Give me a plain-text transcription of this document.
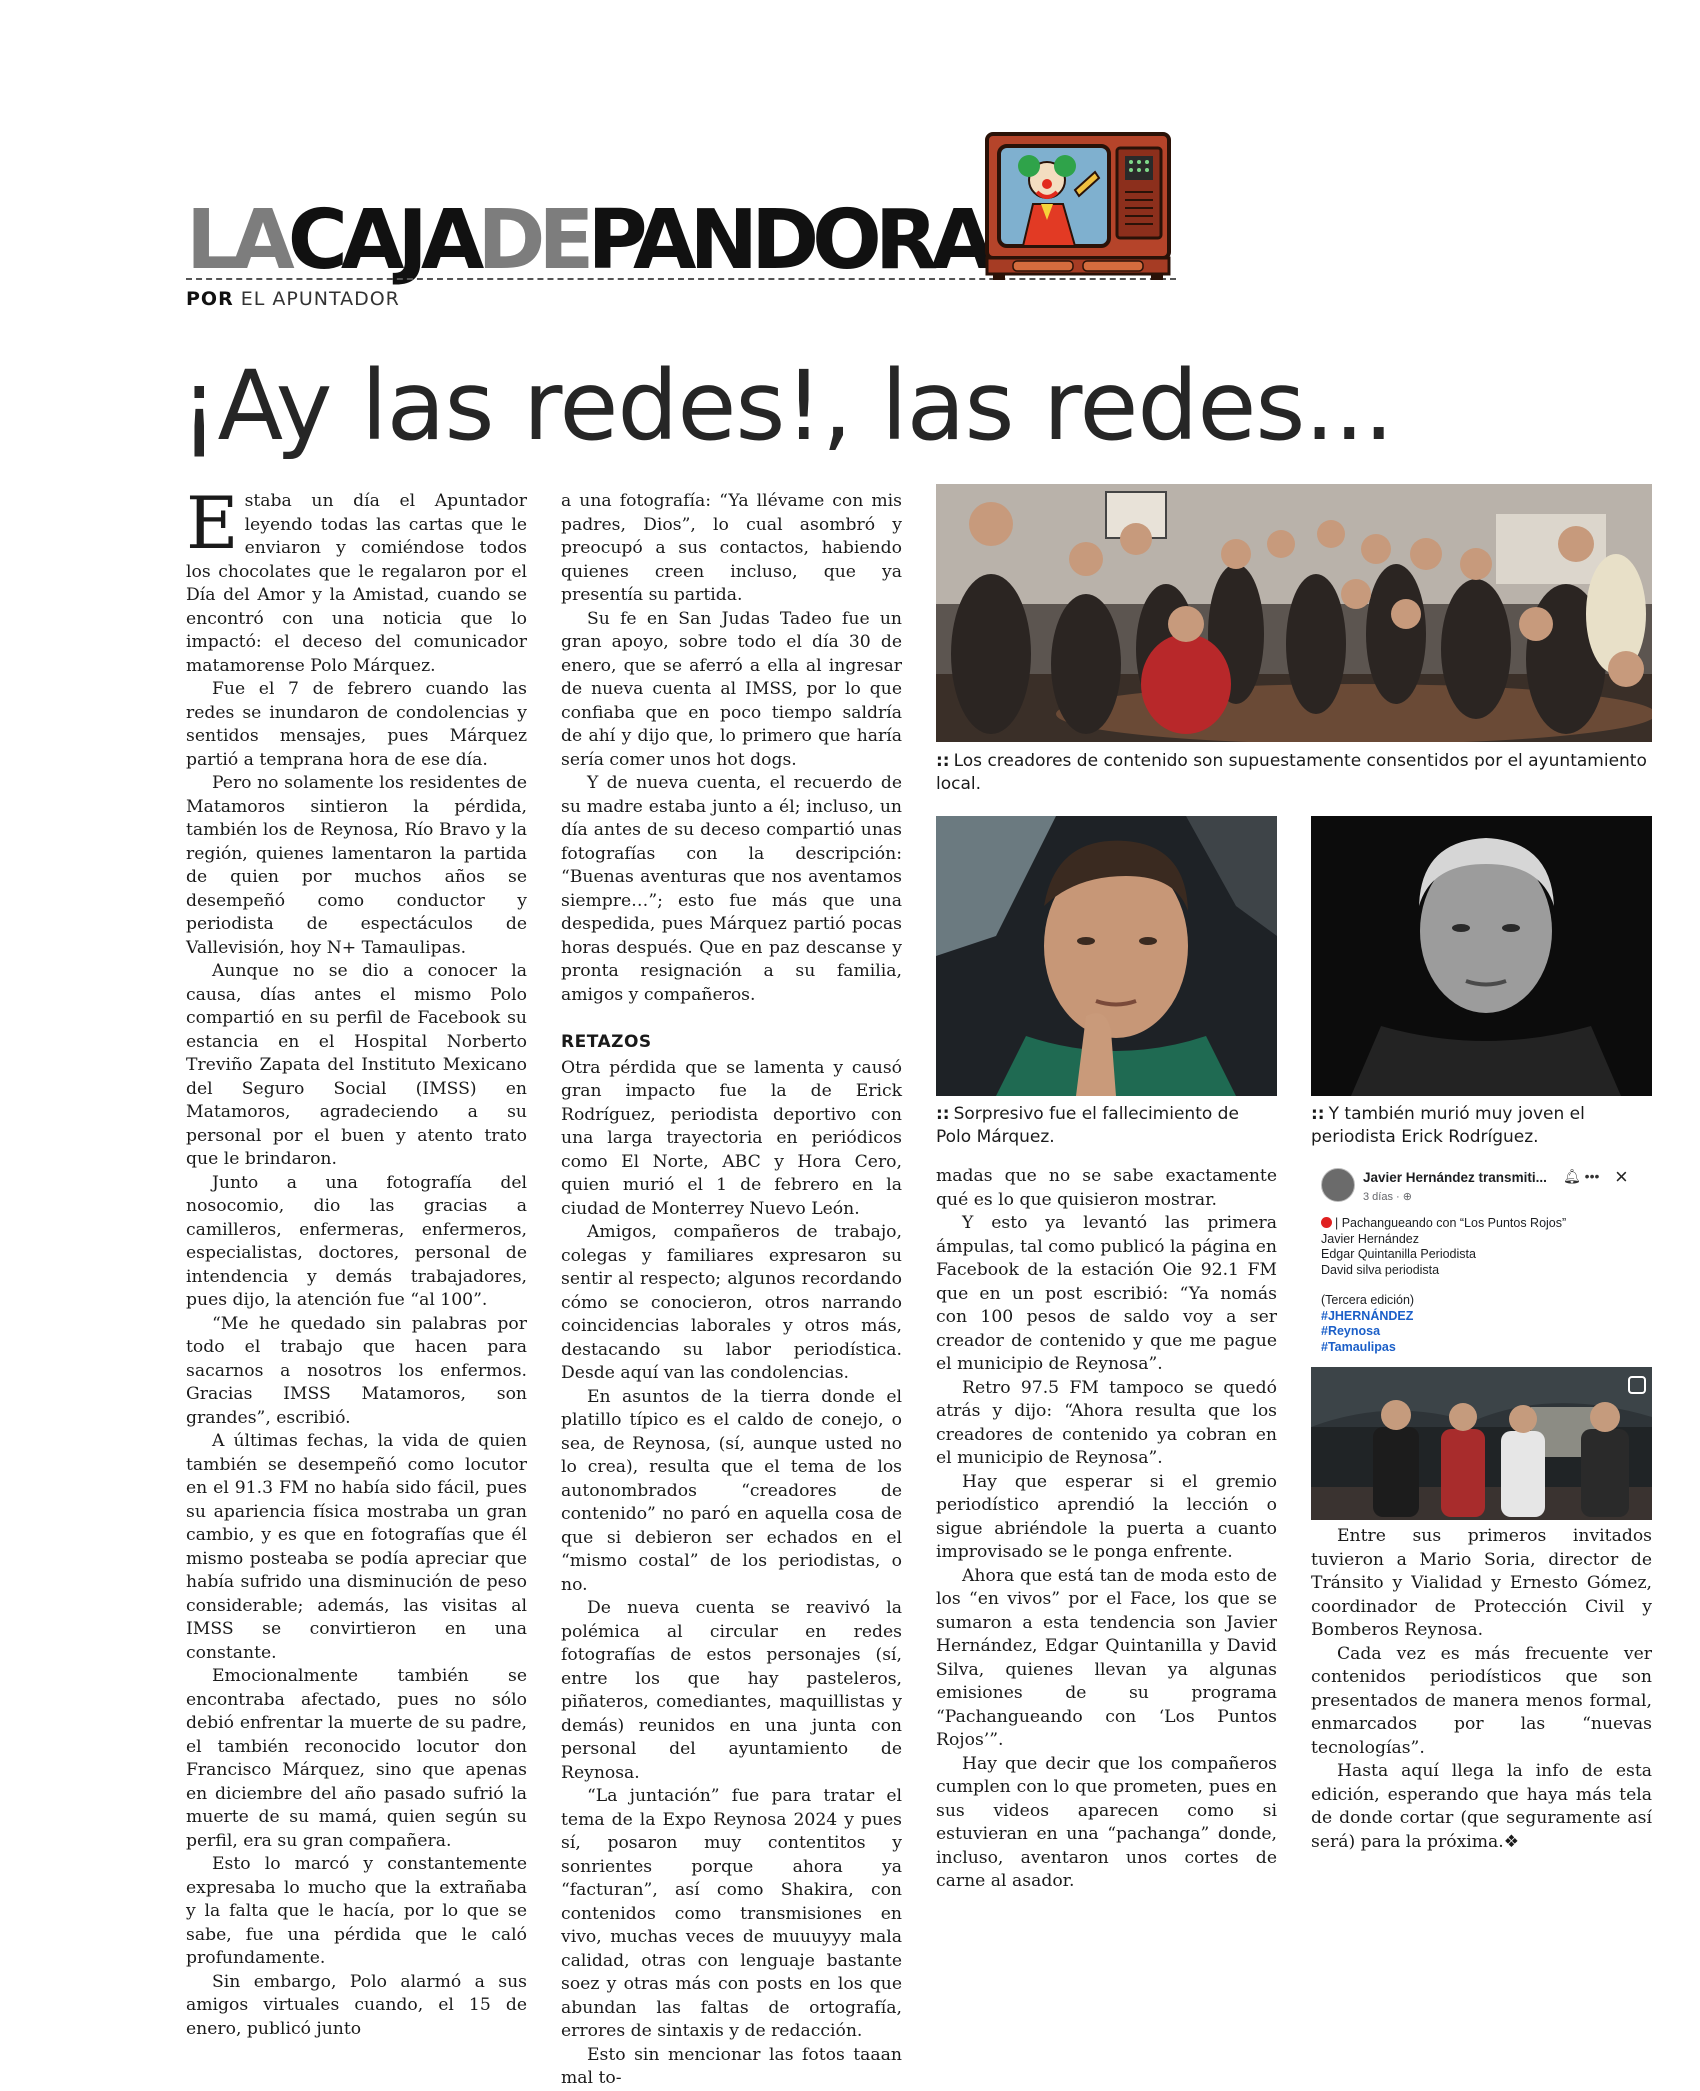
LACAJADEPANDORA
POR EL APUNTADOR
¡Ay las redes!, las redes...

Estaba un día el Apuntador leyendo todas las cartas que le enviaron y comiéndose todos los chocolates que le regalaron por el Día del Amor y la Amistad, cuando se encontró con una noticia que lo impactó: el deceso del comunicador matamorense Polo Márquez.

Fue el 7 de febrero cuando las redes se inundaron de condolencias y sentidos mensajes, pues Márquez partió a temprana hora de ese día.

Pero no solamente los residentes de Matamoros sintieron la pérdida, también los de Reynosa, Río Bravo y la región, quienes lamentaron la partida de quien por muchos años se desempeñó como conductor y periodista de espectáculos de Vallevisión, hoy N+ Tamaulipas.

Aunque no se dio a conocer la causa, días antes el mismo Polo compartió en su perfil de Facebook su estancia en el Hospital Norberto Treviño Zapata del Instituto Mexicano del Seguro Social (IMSS) en Matamoros, agradeciendo a su personal por el buen y atento trato que le brindaron.

Junto a una fotografía del nosocomio, dio las gracias a camilleros, enfermeras, enfermeros, especialistas, doctores, personal de intendencia y demás trabajadores, pues dijo, la atención fue “al 100”.

“Me he quedado sin palabras por todo el trabajo que hacen para sacarnos a nosotros los enfermos. Gracias IMSS Matamoros, son grandes”, escribió.

A últimas fechas, la vida de quien también se desempeñó como locutor en el 91.3 FM no había sido fácil, pues su apariencia física mostraba un gran cambio, y es que en fotografías que él mismo posteaba se podía apreciar que había sufrido una disminución de peso considerable; además, las visitas al IMSS se convirtieron en una constante.

Emocionalmente también se encontraba afectado, pues no sólo debió enfrentar la muerte de su padre, el también reconocido locutor don Francisco Márquez, sino que apenas en diciembre del año pasado sufrió la muerte de su mamá, quien según su perfil, era su gran compañera.

Esto lo marcó y constantemente expresaba lo mucho que la extrañaba y la falta que le hacía, por lo que se sabe, fue una pérdida que le caló profundamente.

Sin embargo, Polo alarmó a sus amigos virtuales cuando, el 15 de enero, publicó junto

a una fotografía: “Ya llévame con mis padres, Dios”, lo cual asombró y preocupó a sus contactos, habiendo quienes creen incluso, que ya presentía su partida.

Su fe en San Judas Tadeo fue un gran apoyo, sobre todo el día 30 de enero, que se aferró a ella al ingresar de nueva cuenta al IMSS, por lo que confiaba que en poco tiempo saldría de ahí y dijo que, lo primero que haría sería comer unos hot dogs.

Y de nueva cuenta, el recuerdo de su madre estaba junto a él; incluso, un día antes de su deceso compartió unas fotografías con la descripción: “Buenas aventuras que nos aventamos siempre…”; esto fue más que una despedida, pues Márquez partió pocas horas después. Que en paz descanse y pronta resignación a su familia, amigos y compañeros.

RETAZOS

Otra pérdida que se lamenta y causó gran impacto fue la de Erick Rodríguez, periodista deportivo con una larga trayectoria en periódicos como El Norte, ABC y Hora Cero, quien murió el 1 de febrero en la ciudad de Monterrey Nuevo León.

Amigos, compañeros de trabajo, colegas y familiares expresaron su sentir al respecto; algunos recordando cómo se conocieron, otros narrando coincidencias laborales y otros más, destacando su labor periodística. Desde aquí van las condolencias.

En asuntos de la tierra donde el platillo típico es el caldo de conejo, o sea, de Reynosa, (sí, aunque usted no lo crea), resulta que el tema de los autonombrados “creadores de contenido” no paró en aquella cosa de que si debieron ser echados en el “mismo costal” de los periodistas, o no.

De nueva cuenta se reavivó la polémica al circular en redes fotografías de estos personajes (sí, entre los que hay pasteleros, piñateros, comediantes, maquillistas y demás) reunidos en una junta con personal del ayuntamiento de Reynosa.

“La juntación” fue para tratar el tema de la Expo Reynosa 2024 y pues sí, posaron muy contentitos y sonrientes porque ahora ya “facturan”, así como Shakira, con contenidos como transmisiones en vivo, muchas veces de muuuyyy mala calidad, otras con lenguaje bastante soez y otras más con posts en los que abundan las faltas de ortografía, errores de sintaxis y de redacción.

Esto sin mencionar las fotos taaan mal to-

:: Los creadores de contenido son supuestamente consentidos por el ayuntamiento local.
:: Sorpresivo fue el fallecimiento de Polo Márquez.
:: Y también murió muy joven el periodista Erick Rodríguez.
Javier Hernández transmiti...
3 días · ⊕
🔔︎ ••• ×
| Pachangueando con “Los Puntos Rojos”
Javier Hernández
Edgar Quintanilla Periodista
David silva periodista
(Tercera edición)
#JHERNÁNDEZ
#Reynosa
#Tamaulipas

madas que no se sabe exactamente qué es lo que quisieron mostrar.

Y esto ya levantó las primera ámpulas, tal como publicó la página en Facebook de la estación Oie 92.1 FM que en un post escribió: “Ya nomás con 100 pesos de saldo voy a ser creador de contenido y que me pague el municipio de Reynosa”.

Retro 97.5 FM tampoco se quedó atrás y dijo: “Ahora resulta que los creadores de contenido ya cobran en el municipio de Reynosa”.

Hay que esperar si el gremio periodístico aprendió la lección o sigue abriéndole la puerta a cuanto improvisado se le ponga enfrente.

Ahora que está tan de moda esto de los “en vivos” por el Face, los que se sumaron a esta tendencia son Javier Hernández, Edgar Quintanilla y David Silva, quienes llevan ya algunas emisiones de su programa “Pachangueando con ‘Los Puntos Rojos’”.

Hay que decir que los compañeros cumplen con lo que prometen, pues en sus videos aparecen como si estuvieran en una “pachanga” donde, incluso, aventaron unos cortes de carne al asador.

Entre sus primeros invitados tuvieron a Mario Soria, director de Tránsito y Vialidad y Ernesto Gómez, coordinador de Protección Civil y Bomberos Reynosa.

Cada vez es más frecuente ver contenidos periodísticos que son presentados de manera menos formal, enmarcados por las “nuevas tecnologías”.

Hasta aquí llega la info de esta edición, esperando que haya más tela de donde cortar (que seguramente así será) para la próxima.❖
